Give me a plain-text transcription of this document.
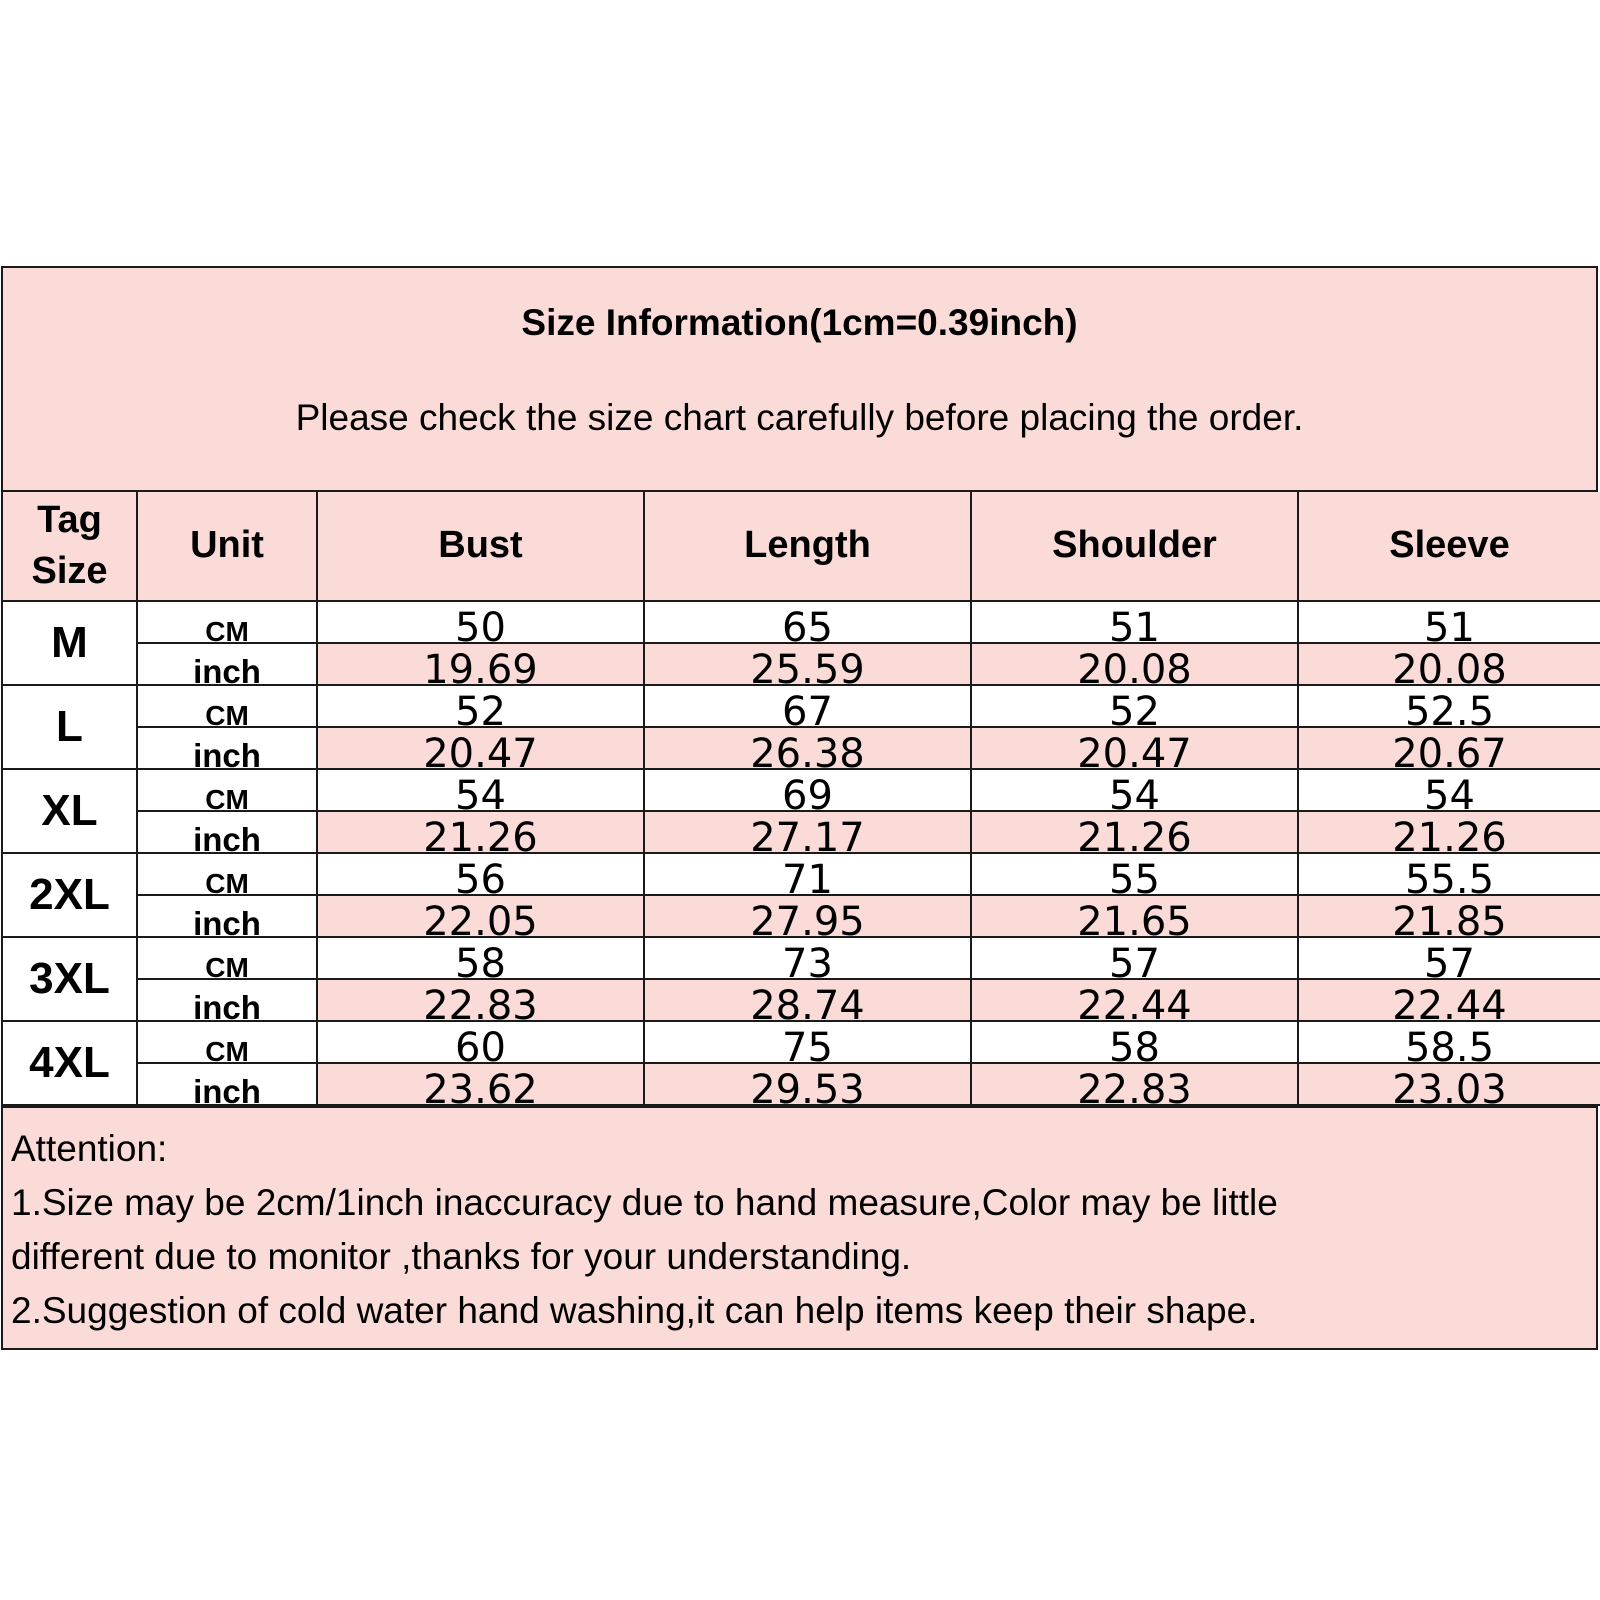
Size Information(1cm=0.39inch)
Please check the size chart carefully before placing the order.
Tag
Size	Unit	Bust	Length	Shoulder	Sleeve
M	CM	50	65	51	51
	inch	19.69	25.59	20.08	20.08
L	CM	52	67	52	52.5
	inch	20.47	26.38	20.47	20.67
XL	CM	54	69	54	54
	inch	21.26	27.17	21.26	21.26
2XL	CM	56	71	55	55.5
	inch	22.05	27.95	21.65	21.85
3XL	CM	58	73	57	57
	inch	22.83	28.74	22.44	22.44
4XL	CM	60	75	58	58.5
	inch	23.62	29.53	22.83	23.03

Attention:

1.Size may be 2cm/1inch inaccuracy due to hand measure,Color may be little

different due to monitor ,thanks for your understanding.

2.Suggestion of cold water hand washing,it can help items keep their shape.
